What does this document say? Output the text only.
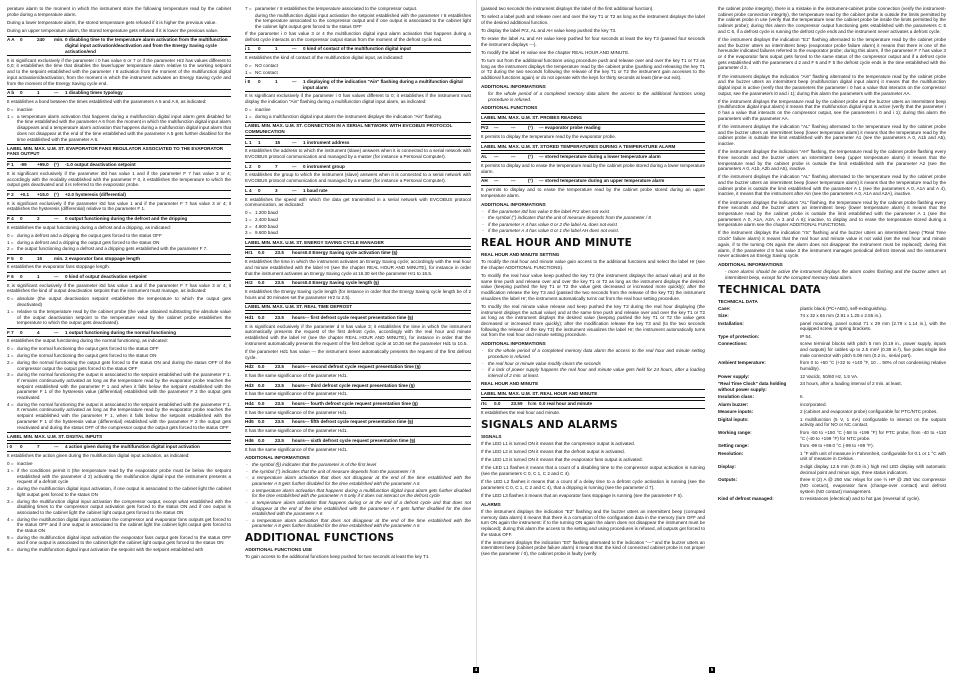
perature alarm to the moment in which the instrument store the following temperature read by the cabinet probe during a temperature alarm.

During a lower temperature alarm, the stored temperature gets refused if it is higher the previous value.

During an upper temperature alarm, the stored temperature gets refused if it is lower the previous value.

A A	0	240	min. 0 disabling time to the temperature alarm activation from the multifunction digital input activation/deactivation and from the Energy Saving cycle activation/end

It is significant exclusively if the parameter i 0 has value 6 or 7 or if the parameter Hr2 has values different to 0,0; it establishes the time that disables the lower/upper temperature alarm relative to the working setpoint and to the setpoint established with the parameter r 8 activation from the moment of the multifunction digital input activation/deactivation, from the moment in which the instrument activates an Energy Saving cycle and from the moment of the Energy Saving cycle end.

A b	0	1	---	1 disabling times typology

It establishes a bond between the times established with the parameters A 5 and A 8, as indicated:

0 = inactive
1 = a temperature alarm activation that happens during a multifunction digital input alarm gets disabled for the time established with the parameter A 6 from the moment in which the multifunction digital input alarm disappears and a temperature alarm activation that happens during a multifunction digital input alarm that does not disappear at the end of the time established with the parameter A 5 gets further disabled for the time established with the parameter A 6.
LABEL MIN. MAX. U.M. ST. EVAPORATOR FANS REGULATOR ASSOCIATED TO THE EVAPORATOR FANS OUTPUT
F 1	-99	+99.0	(°)	-1.0 output deactivation setpoint

It is significant exclusively if the parameter i0d has value 1 and if the parameter F 7 has value 3 or 4; accordingly with the modality established with the parameter F 0, it establishes the temperature to which the output gets deactivated and it is referred to the evaporator probe.

F 2	+0.1	+15.0	(°)	+2.0 hysteresis (differential)

It is significant exclusively if the parameter i0d has value 1 and if the parameter F 7 has value 3 or 4; it establishes the hysteresis (differential) relative to the parameter F 1.

F 4	0	2	---	0 output functioning during the defrost and the dripping

It establishes the output functioning during a defrost and a dripping, as indicated:

0 = during a defrost and a dripping the output gets forced to the status OFF
1 = during a defrost and a dripping the output gets forced to the status ON
2 = the output functioning during a defrost and a dripping gets established with the parameter F 7.
F 5	0	15	min. 2 evaporator fans stoppage length

It establishes the evaporator fans stoppage length.

F 6	0	1	---	0 kind of output deactivation setpoint

It is significant exclusively if the parameter i0d has value 1 and if the parameter F 7 has value 3 or 4; it establishes the kind of output deactivation setpoint that the instrument must manage, as indicated:

0 = absolute (the output deactivation setpoint establishes the temperature to which the output gets deactivated)
1 = relative to the temperature read by the cabinet probe (the value obtained subtracting the absolute value of the output deactivation setpoint to the temperature read by the cabinet probe establishes the temperature to which the output gets deactivated).
F 7	0	4	---	1 output functioning during the normal functioning

It establishes the output functioning during the normal functioning, as indicated:

0 = during the normal functioning the output gets forced to the status OFF
1 = during the normal functioning the output gets forced to the status ON
2 = during the normal functioning the output gets forced to the status ON and during the status OFF of the compressor output the output gets forced to the status OFF
3 = during the normal functioning the output is associated to the setpoint established with the parameter F 1. If remains continuously activated as long as the temperature read by the evaporator probe reaches the setpoint established with the parameter F 1 and when it falls below the setpoint established with the parameter F 1 of the hysteresis value (differential) established with the parameter F 2 the output gets reactivated
4 = during the normal functioning the output is associated to the setpoint established with the parameter F 1. It remains continuously activated as long as the temperature read by the evaporator probe reaches the setpoint established with the parameter F 1, when it falls below the setpoint established with the parameter F 1 of the hysteresis value (differential) established with the parameter F 2 the output gets reactivated and during the status OFF of the compressor output the output gets forced to the status OFF
LABEL MIN. MAX. U.M. ST. DIGITAL INPUTS
i 0	0	7	---	4 action given during the multifunction digital input activation

It establishes the action given during the multifunction digital input activation, as indicated:

0 = inactive
1 = if the conditions permit it (the temperature read by the evaporator probe must be below the setpoint established with the parameter d 2) activating the multifunction digital input the instrument presents a request of a defrost cycle
2 = during the multifunction digital input activation, if one output is associated to the cabinet light the cabinet light output gets forced to the status ON
3 = during the multifunction digital input activation the compressor output, except what established with the disabling times to the compressor output activation gets forced to the status ON and if one output is associated to the cabinet light the cabinet light output gets forced to the status ON
4 = during the multifunction digital input activation the compressor and evaporator fans outputs get forced to the status OFF and if one output is associated to the cabinet light the cabinet light output gets forced to the status ON
5 = during the multifunction digital input activation the evaporator fans output gets forced to the status OFF and if one output is associated to the cabinet light the cabinet light output gets forced to the status ON
6 = during the multifunction digital input activation the setpoint with the setpoint established with
7 = parameter r 8 establishes the temperature associated to the compressor output.
during the multifunction digital input activation the setpoint established with the parameter r 8 establishes the temperature associated to the compressor output and if one output is associated to the cabinet light the cabinet light output gets forced to the status OFF

If the parameter i 0 has value 3 or 4 the multifunction digital input alarm activation that happens during a defrost cycle interacts on the compressor output status from the moment of the defrost cycle end.

i 1	0	1	---	0 kind of contact of the multifunction digital input

It establishes the kind of contact of the multifunction digital input, as indicated:

0 = NO contact
1 = NC contact
i 8	0	1	---	1 displaying of the indication "Ain" flashing during a multifunction digital input alarm

It is significant exclusively if the parameter i 0 has values different to 0; it establishes if the instrument must display the indication "Ain" flashing during a multifunction digital input alarm, as indicated:

0 = inactive
1 = during a multifunction digital input alarm the instrument displays the indication "Ain" flashing.
LABEL MIN. MAX. U.M. ST. CONNECTION IN A SERIAL NETWORK WITH EVCOBUS PROTOCOL COMMUNICATION
L 1	1	15	---	1 instrument address

It establishes the address to which the instrument (slave) answers when it is connected to a serial network with EVCOBUS protocol communication and managed by a master (for instance a Personal Computer).

L 2	0	7	---	0 instrument group

It establishes the group to which the instrument (slave) answers when it is connected to a serial network with EVCOBUS protocol communication and managed by a master (for instance a Personal Computer).

L 4	0	3	---	1 baud rate

It establishes the speed with which the data get transmitted in a serial network with EVCOBUS protocol communication, as indicated:

0 = 1.200 baud
1 = 2.400 baud
2 = 4.800 baud
3 = 9.600 baud
LABEL MIN. MAX. U.M. ST. ENERGY SAVING CYCLE MANAGER
Hr1	0.0	23.5	hours 0.0 Energy Saving cycle activation time (§)

It establishes the time in which the instrument activates an Energy Saving cycle; accordingly with the real hour and minute established with the label Hr (see the chapter REAL HOUR AND MINUTE), for instance in order that the instrument activates an Energy Saving cycle at 16.30 set the parameter Hr1 to 16.5.

Hr2	0.0	23.5	hours 0.0 Energy Saving cycle length (§)

It establishes the Energy Saving cycle length (for instance in order that the Energy Saving cycle length be of 2 hours and 30 minutes set the parameter Hr2 to 2.5).

LABEL MIN. MAX. U.M. ST. REAL TIME DEFROST
Hd1 0.0	23.5	hours --- first defrost cycle request presentation time (§)

It is significant exclusively if the parameter d 8 has value 3; it establishes the time in which the instrument automatically presents the request of the first defrost cycle, accordingly with the real hour and minute established with the label Hr (see the chapter REAL HOUR AND MINUTE), for instance in order that the instrument automatically presents the request of the first defrost cycle at 10.30 set the parameter Hd1 to 10.5.

If the parameter Hd1 has value --- the instrument never automatically presents the request of the first defrost cycle.

Hd2 0.0	23.5	hours --- second defrost cycle request presentation time (§)

It has the same significance of the parameter Hd1.

Hd3 0.0	23.5	hours --- third defrost cycle request presentation time (§)

It has the same significance of the parameter Hd1.

Hd4 0.0	23.5	hours --- fourth defrost cycle request presentation time (§)

It has the same significance of the parameter Hd1.

Hd5 0.0	23.5	hours --- fifth defrost cycle request presentation time (§)

It has the same significance of the parameter Hd1.

Hd6 0.0	23.5	hours --- sixth defrost cycle request presentation time (§)

It has the same significance of the parameter Hd1.

ADDITIONAL INFORMATIONS
- the symbol (§) indicates that the parameter is of the first level
- the symbol (°) indicates that the unit of measure depends from the parameter / 8
- a temperature alarm activation that does not disappear at the end of the time established with the parameter A 5 gets further disabled for the time established with the parameter A 6
- a temperature alarm activation that happens during a multifunction digital input alarm gets further disabled for the time established with the parameter A 5 only if it does not interact on the defrost cycle
- a temperature alarm activation that happens during or at the end of a defrost cycle and that does not disappear at the end of the time established with the parameter A 7 gets further disabled for the time established with the parameter A 6
- a temperature alarm activation that does not disappear at the end of the time established with the parameter A 8 gets further disabled for the time established with the parameter A 6
ADDITIONAL FUNCTIONS
ADDITIONAL FUNCTIONS USE

To gain access to the additional functions keep pushed for two seconds at least the key T1

(passed two seconds the instrument displays the label of the first additional function).

To select a label push and release over and over the key T1 or T2 as long as the instrument displays the label of the desired additional function.

To display the label Pr2, AL and AH value keep pushed the key T3.

To erase the label AL and AH value keep pushed for four seconds at least the key T3 (passed four seconds the instrument displays ---).

To modify the label Hr value see the chapter REAL HOUR AND MINUTE.

To turn out from the additional functions using procedure push and release over and over the key T1 or T2 as long as the instrument displays the temperature read by the cabinet probe (pushing and releasing the key T1 or T2 during the two seconds following the release of the key T1 or T2 the instrument gain accesses to the additional functions again) or do not operate with the keys for thirty seconds at least (time-out exit).

ADDITIONAL INFORMATIONS
for the whole period of a completed memory data alarm the access to the additional functions using procedure is refused.
ADDITIONAL FUNCTIONS
LABEL MIN. MAX. U.M. ST. PROBES READING
Pr2	---	---	(°)	--- evaporator probe reading

It permits to display the temperature read by the evaporator probe.

LABEL MIN. MAX. U.M. ST. STORED TEMPERATURES DURING A TEMPERATURE ALARM
AL	---	---	(°)	--- stored temperature during a lower temperature alarm

It permits to display and to erase the temperature read by the cabinet probe stored during a lower temperature alarm.

AH	---	---	(°)	--- stored temperature during an upper temperature alarm

It permits to display and to erase the temperature read by the cabinet probe stored during an upper temperature alarm.

ADDITIONAL INFORMATIONS
- if the parameter i0d has value 0 the label Pr2 does not exist
- the symbol (°) indicates that the unit of measure depends from the parameter / 8
- if the parameter A 4 has value 0 or 2 the label AL does not exist
- if the parameter A 4 has value 0 or 1 the label AH does not exist.
REAL HOUR AND MINUTE
REAL HOUR AND MINUTE SETTING

To modify the real hour and minute value gain access to the additional functions and select the label Hr (see the chapter ADDITIONAL FUNCTIONS).

To modify the real hour value keep pushed the key T3 (the instrument displays the actual value) and at the same time push and release over and over the key T1 or T2 as long as the instrument displays the desired value (keeping pushed the key T1 or T2 the value gets decreased or increased more quickly); after the modification release the key T3 and (passed the two seconds from the release of the key T3) the instrument visualizes the label Hr; the instrument automatically turns out from the real hour setting procedure.

To modify the real minute value release and keep pushed the key T3 during the real hour displaying (the instrument displays the actual value) and at the same time push and release over and over the key T1 or T2 as long as the instrument displays the desired value (keeping pushed the key T1 or T2 the value gets decreased or increased more quickly); after the modification release the key T3 and (to the two seconds following the release of the key T3) the instrument visualizes the label Hr; the instrument automatically turns out from the real hour and minute setting procedure.

ADDITIONAL INFORMATIONS
- for the whole period of a completed memory data alarm the access to the real hour and minute setting procedure is refused
- the real hour or minute value modify clears the seconds
- if a lack of power supply happens the real hour and minute value gets held for 24 hours, after a loading interval of 2 min. at least.
REAL HOUR AND MINUTE
LABEL MIN. MAX. U.M. ST. REAL HOUR AND MINUTE
rtc	0.0	23.59	h:m 0.0 real hour and minute

It establishes the real hour and minute.

SIGNALS AND ALARMS
SIGNALS

If the LED L1 is turned ON it means that the compressor output is activated.

If the LED L2 is turned ON it means that the defrost output is activated.

If the LED L3 is turned ON it means that the evaporator fans output is activated.

If the LED L1 flashes it means that a count of a disabling time to the compressor output activation is running (see the parameters C 0, C 1, C 2 and C 4).

If the LED L2 flashes it means that a count of a delay time to a defrost cycle activation is running (see the parameters C 0, C 1, C 2 and C 4), that a dripping is running (see the parameter d 7).

If the LED L3 flashes it means that an evaporator fans stoppage is running (see the parameter F 5).

ALARMS

If the instrument displays the indication "E2" flashing and the buzzer utters an intermittent beep (corrupted memory data alarm) it means that there is a corruption of the configuration data in the memory (turn OFF and turn ON again the instrument: if to the turning ON again the alarm does not disappear the instrument must be replaced); during this alarm the access to the setting and using procedures is refused, all outputs get forced to the status OFF.

If the instrument displays the indication "E0" flashing alternated to the indication "---" and the buzzer utters an intermittent beep (cabinet probe failure alarm) it means that: the kind of connected cabinet probe is not proper (see the parameter / 0), the cabinet probe is faulty (verify

the cabinet probe integrity), there is a mistake in the instrument-cabinet probe connection (verify the instrument-cabinet probe connection integrity), the temperature read by the cabinet probe is outside the limits permitted by the cabinet probe in use (verify that the temperature near the cabinet probe be inside the limits permitted by the cabinet probe); during this alarm the compressor output functioning gets established with the parameters C 5 and C 6, if a defrost cycle is running the defrost cycle ends and the instrument never activates a defrost cycle.

If the instrument displays the indication "E1" flashing alternated to the temperature read by the cabinet probe and the buzzer utters an intermittent beep (evaporator probe failure alarm) it means that there is one of the hereunder indicated failures referred to the evaporator probe; during this alarm, if the parameter F 7 has value 3 or 4 the evaporator fans output gets forced to the same status of the compressor output and if a defrost cycle gets established with the parameters d 2 and F 5 and F 5 the defrost cycle ends in the time established with the parameter d 3.

If the instrument displays the indication "Ain" flashing alternated to the temperature read by the cabinet probe and the buzzer utters an intermittent beep (multifunction digital input alarm) it means that the multifunction digital input is active (verify that the parameters the parameter i 0 has a value that interacts on the compressor output, see the parameters i0 and i 1); during this alarm the parameters with the parameter AA.

If the instrument displays the temperature read by the cabinet probe and the buzzer utters an intermittent beep (multifunction digital input alarm) it means that the multifunction digital input is active (verify that the parameter i 0 has a value that interacts on the compressor output, see the parameters i 0 and i 1); during this alarm the parameters with the parameter AA.

If the instrument displays the indication "AL" flashing alternated to the temperature read by the cabinet probe and the buzzer utters an intermittent beep (lower temperature alarm) it means that the temperature read by the cabinet probe is outside the limit established with the parameter A1 (see the parameters A 0, A1b and A5), inactive.

If the instrument displays the indication "AH" flashing, the temperature read by the cabinet probe flashing every three seconds and the buzzer utters an intermittent beep (upper temperature alarm) it means that the temperature read by the cabinet probe is outside the limit established with the parameter A2 (see the parameters A 0, A1b, A2b and A5), inactive.

If the instrument displays the indication "AL" flashing alternated to the temperature read by the cabinet probe and the buzzer utters an intermittent beep (lower temperature alarm) it means that the temperature read by the cabinet probe is outside the limit established with the parameter A 1 (see the parameters A 0, A1A and A 4), inactive, it means that the instrument after Ain (see the parameters A 0, A1A and A2A), inactive.

If the instrument displays the indication "AL" flashing, the temperature read by the cabinet probe flashing every three seconds and the buzzer utters an intermittent beep (lower temperature alarm) it means that the temperature read by the cabinet probe is outside the limit established with the parameter A 1 (see the parameters A 0, A1A, A2A, A 3 and A 6); inactive, to display and to erase the temperature stored during a temperature alarm see the chapter ADDITIONAL FUNCTIONS.

If the instrument displays the indication "rtc" flashing and the buzzer utters an intermittent beep ("Real Time Clock" failure alarm) it means that the real hour and minute value is not valid (set the real hour and minute again, if to the turning ON again the alarm does not disappear the instrument must be replaced); during this alarm, if the parameter d 8 has value 3 the instrument manages periodical defrost interval and the instrument never activates an Energy Saving cycle.

ADDITIONAL INFORMATIONS
- more alarms should be active the instrument displays the alarm codes flashing and the buzzer utters an intermittent beep, except for the corrupted memory data alarm.
TECHNICAL DATA
TECHNICAL DATA
Case:	plastic black (PC+ABS), self-extinguishing.
Size:	74 x 32 x 65 mm (2.91 x 1.25 x 2.55 in.).
Installation:	panel mounting, panel cutout 71 x 29 mm (2.79 x 1.14 in.), with the equipped screw or spring brackets.
Type of protection:	IP 54.
Connections:	screw terminal blocks with pitch 5 mm (0.19 in., power supply, inputs and outputs) for cables up to 2.5 mm² (0.38 in.²), five poles single line male connector with pitch 5.08 mm (0.2 in., serial port).
Ambient temperature:	from 0 to +60 °C (+32 to +140 °F, 10 ... 90% of not condensing relative humidity).
Power supply:	12 Vac/dc, 50/60 Hz, 1.5 VA.
"Real Time Clock" data holding without power supply:
24 hours, after a loading interval of 2 min. at least.
Insulation class:	II.
Alarm buzzer:	incorporated.
Measure inputs:	2 (cabinet and evaporator probe) configurable for PTC/NTC probes.
Digital inputs:	1 multifunction (5 V, 1 mA) configurable to interact on the outputs activity and for NO or NC contact.
Working range:	from -50 to +150 °C (-58 to +199 °F) for PTC probe, from -40 to +110 °C (-40 to +199 °F) for NTC probe.
Setting range:	from -99 to +99.0 °C (-99 to +99 °F).
Resolution:	1 °F with unit of measure in Fahrenheit, configurable for 0.1 or 1 °C with unit of measure in Celsius.
Display:	3-digit display 12.5 mm (0.49 in.) high red LED display with automatic decimal point and minus sign, three status indicators.
Outputs:	three 8 (2) A @ 250 Vac relays for one ½ HP @ 250 Vac compressor (NO contact), evaporator fans (change-over contact) and defrost system (NO contact) management.
Kind of defrost managed:	to resistances (electrical) and to hot gas (reversal of cycle).
4	5
